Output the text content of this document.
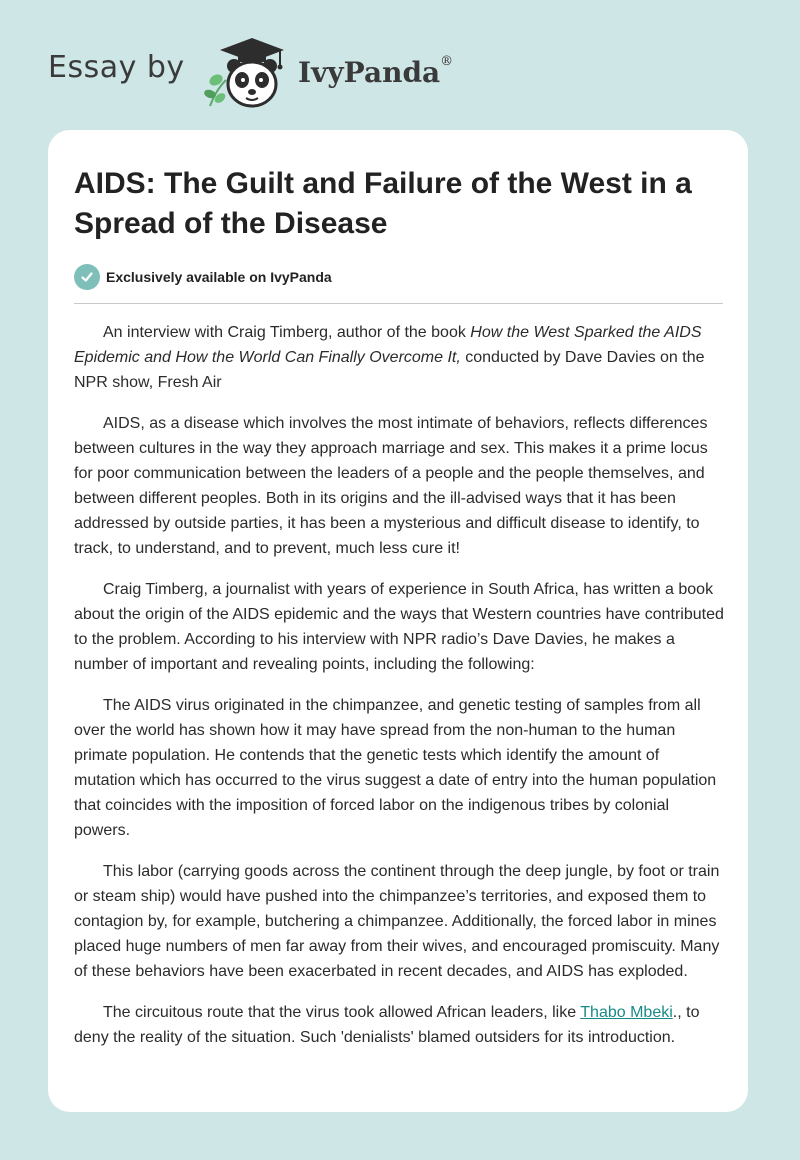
Essay by	IvyPanda®
AIDS: The Guilt and Failure of the West in a Spread of the Disease
Exclusively available on IvyPanda

An interview with Craig Timberg, author of the book How the West Sparked the AIDS Epidemic and How the World Can Finally Overcome It, conducted by Dave Davies on the NPR show, Fresh Air

AIDS, as a disease which involves the most intimate of behaviors, reflects differences between cultures in the way they approach marriage and sex. This makes it a prime locus for poor communication between the leaders of a people and the people themselves, and between different peoples. Both in its origins and the ill-advised ways that it has been addressed by outside parties, it has been a mysterious and difficult disease to identify, to track, to understand, and to prevent, much less cure it!

Craig Timberg, a journalist with years of experience in South Africa, has written a book about the origin of the AIDS epidemic and the ways that Western countries have contributed to the problem. According to his interview with NPR radio’s Dave Davies, he makes a number of important and revealing points, including the following:

The AIDS virus originated in the chimpanzee, and genetic testing of samples from all over the world has shown how it may have spread from the non-human to the human primate population. He contends that the genetic tests which identify the amount of mutation which has occurred to the virus suggest a date of entry into the human population that coincides with the imposition of forced labor on the indigenous tribes by colonial powers.

This labor (carrying goods across the continent through the deep jungle, by foot or train or steam ship) would have pushed into the chimpanzee’s territories, and exposed them to contagion by, for example, butchering a chimpanzee. Additionally, the forced labor in mines placed huge numbers of men far away from their wives, and encouraged promiscuity. Many of these behaviors have been exacerbated in recent decades, and AIDS has exploded.

The circuitous route that the virus took allowed African leaders, like Thabo Mbeki., to deny the reality of the situation. Such 'denialists' blamed outsiders for its introduction.
